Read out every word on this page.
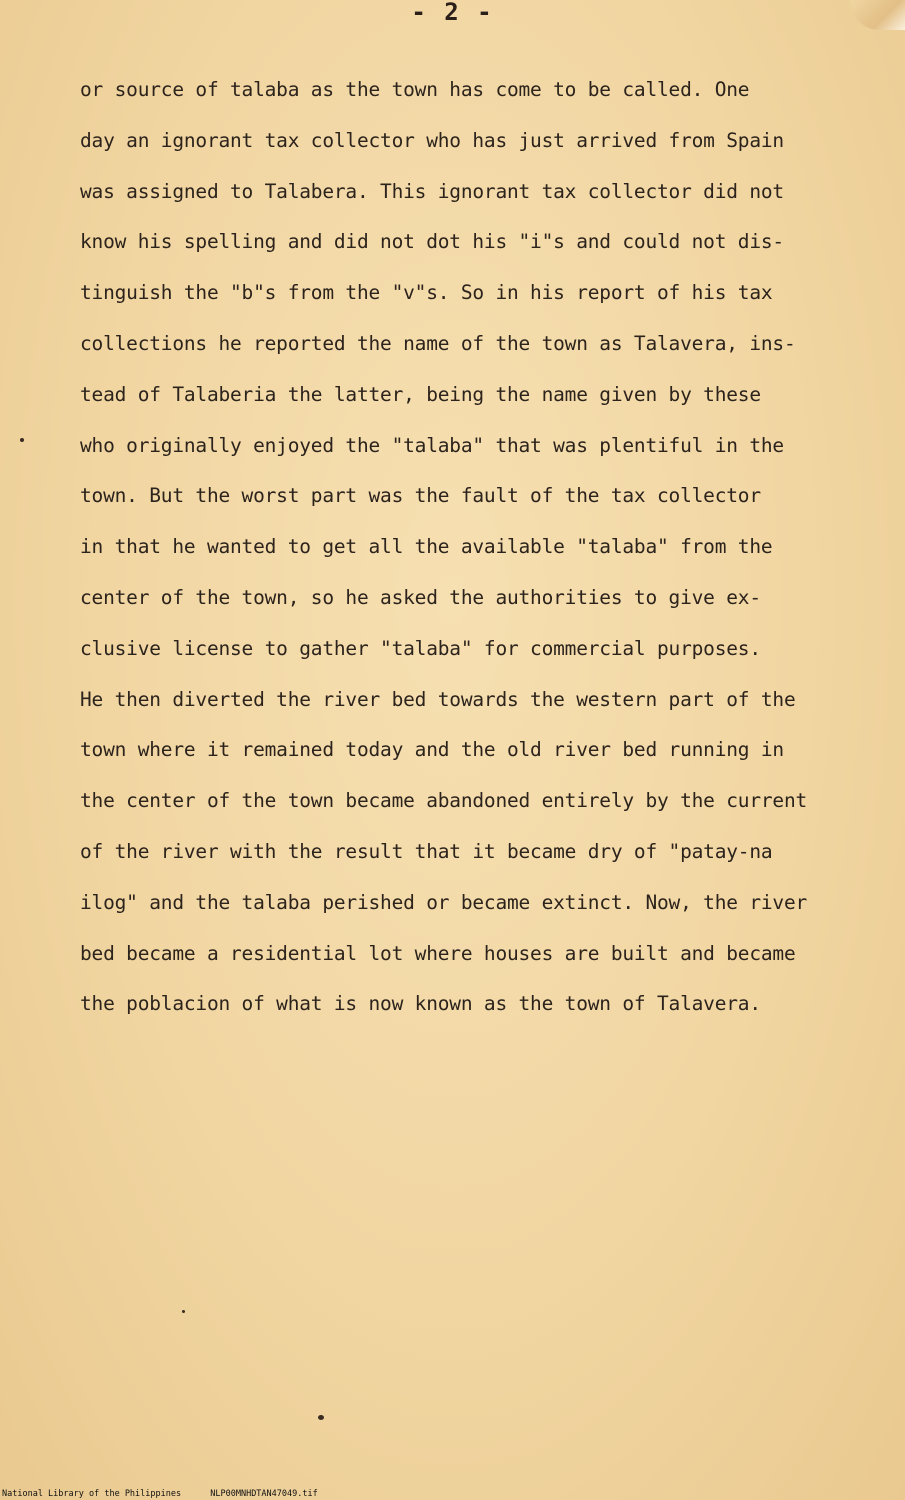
- 2 -
or source of talaba as the town has come to be called. One
day an ignorant tax collector who has just arrived from Spain
was assigned to Talabera. This ignorant tax collector did not
know his spelling and did not dot his "i"s and could not dis-
tinguish the "b"s from the "v"s. So in his report of his tax
collections he reported the name of the town as Talavera, ins-
tead of Talaberia the latter, being the name given by these
who originally enjoyed the "talaba" that was plentiful in the
town. But the worst part was the fault of the tax collector
in that he wanted to get all the available "talaba" from the
center of the town, so he asked the authorities to give ex-
clusive license to gather "talaba" for commercial purposes.
He then diverted the river bed towards the western part of the
town where it remained today and the old river bed running in
the center of the town became abandoned entirely by the current
of the river with the result that it became dry of "patay-na
ilog" and the talaba perished or became extinct. Now, the river
bed became a residential lot where houses are built and became
the poblacion of what is now known as the town of Talavera.
National Library of the Philippines	NLP00MNHDTAN47049.tif
